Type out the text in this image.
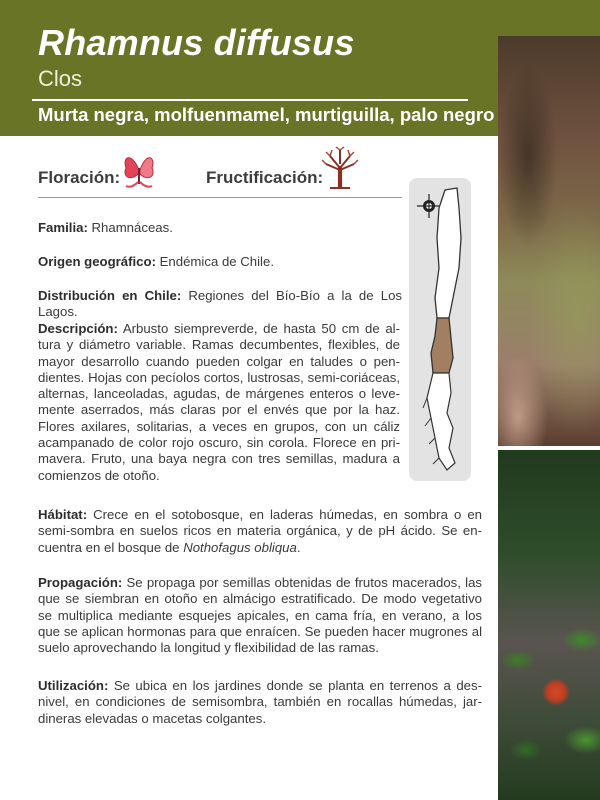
Rhamnus diffusus
Clos
Murta negra, molfuenmamel, murtiguilla, palo negro
Floración:	Fructificación:

Familia: Rhamnáceas.

Origen geográfico: Endémica de Chile.

Distribución en Chile: Regiones del Bío-Bío a la de Los Lagos.

Descripción: Arbusto siempreverde, de hasta 50 cm de al-tura y diámetro variable. Ramas decumbentes, flexibles, de mayor desarrollo cuando pueden colgar en taludes o pen-dientes. Hojas con pecíolos cortos, lustrosas, semi-coriáceas, alternas, lanceoladas, agudas, de márgenes enteros o leve-mente aserrados, más claras por el envés que por la haz. Flores axilares, solitarias, a veces en grupos, con un cáliz acampanado de color rojo oscuro, sin corola. Florece en pri-mavera. Fruto, una baya negra con tres semillas, madura a comienzos de otoño.

Hábitat: Crece en el sotobosque, en laderas húmedas, en sombra o en semi-sombra en suelos ricos en materia orgánica, y de pH ácido. Se en-cuentra en el bosque de Nothofagus obliqua.

Propagación: Se propaga por semillas obtenidas de frutos macerados, las que se siembran en otoño en almácigo estratificado. De modo vegetativo se multiplica mediante esquejes apicales, en cama fría, en verano, a los que se aplican hormonas para que enraícen. Se pueden hacer mugrones al suelo aprovechando la longitud y flexibilidad de las ramas.

Utilización: Se ubica en los jardines donde se planta en terrenos a des-nivel, en condiciones de semisombra, también en rocallas húmedas, jar-dineras elevadas o macetas colgantes.
